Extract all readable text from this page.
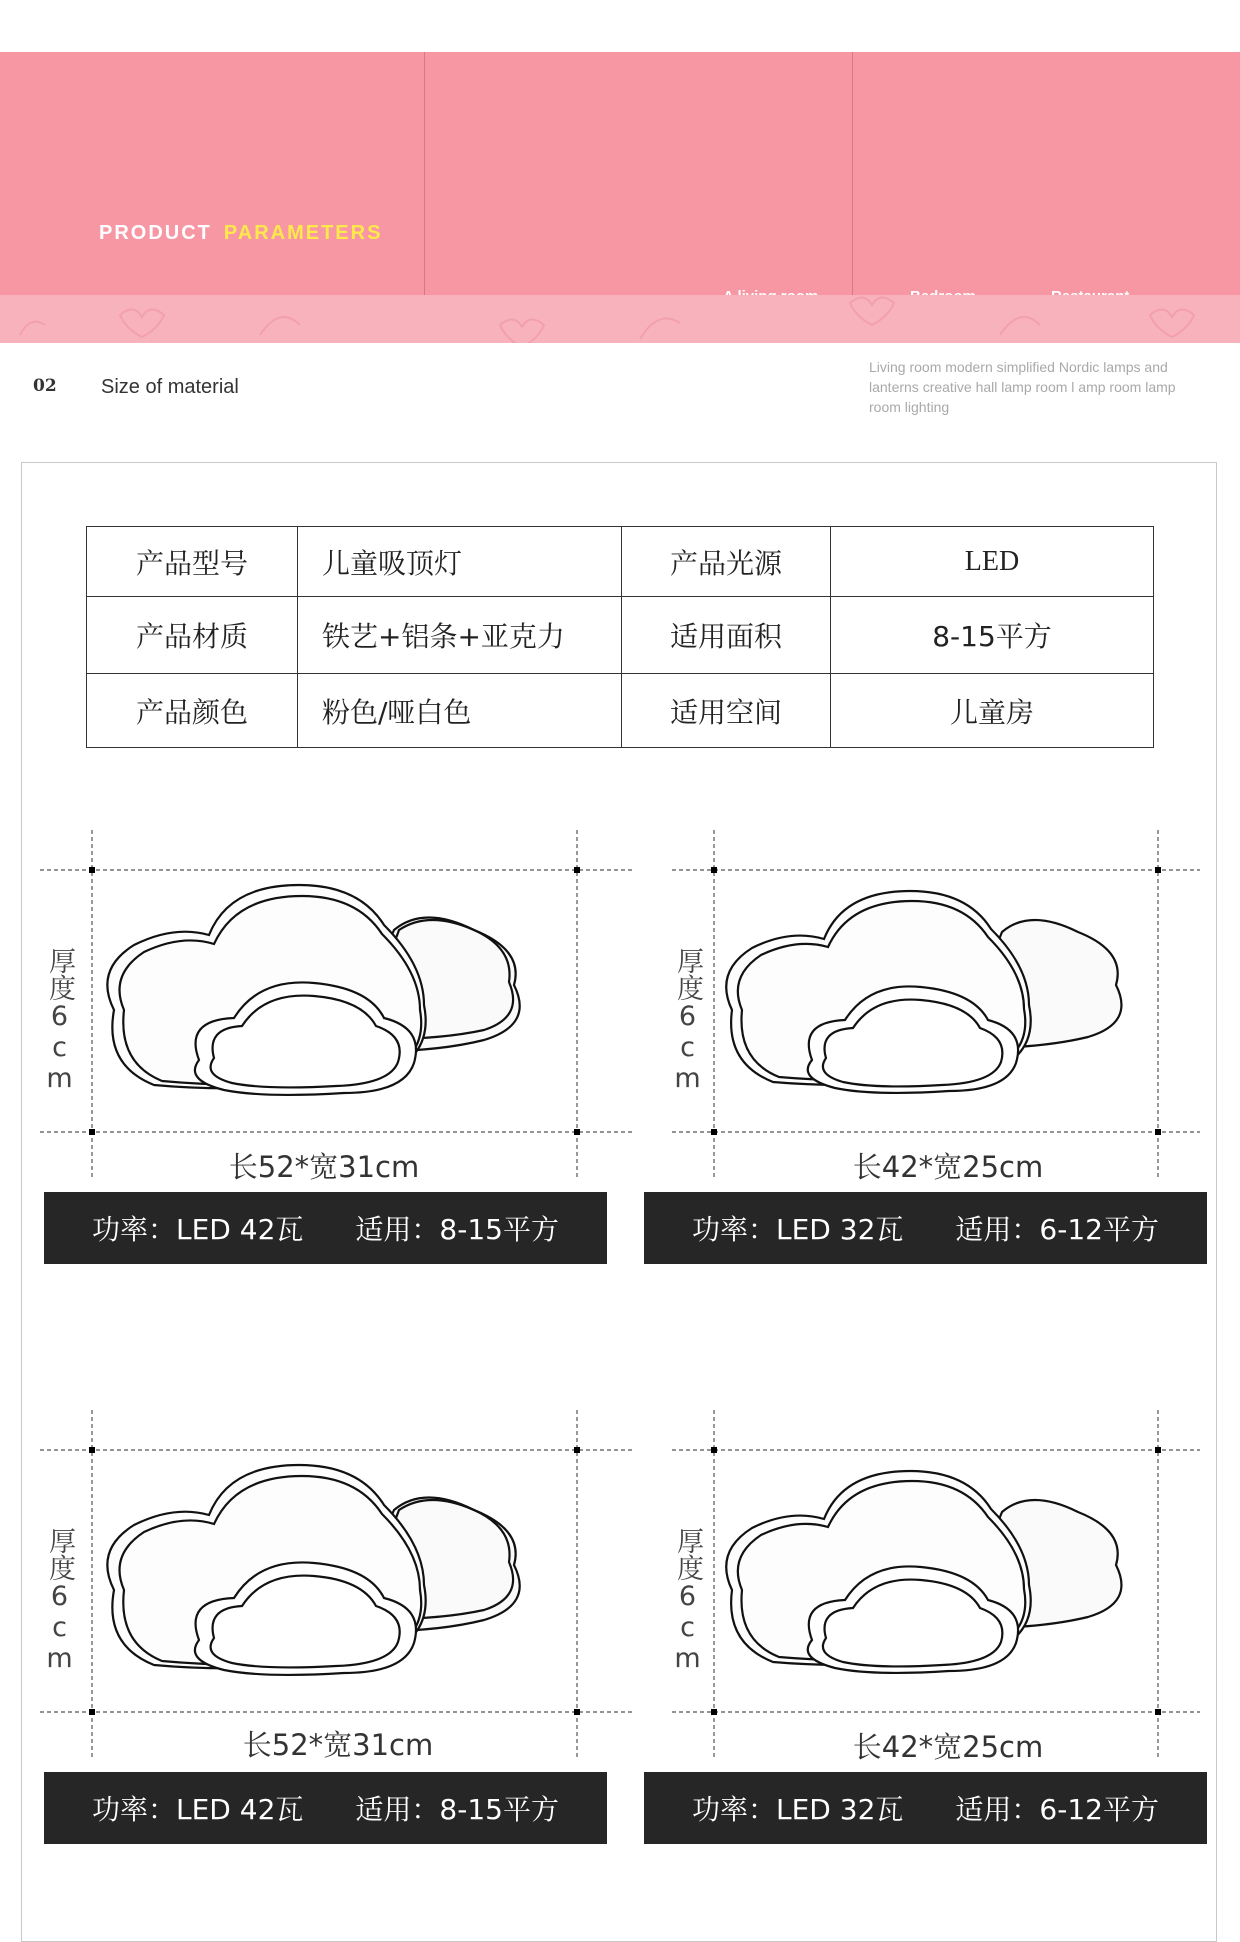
PRODUCT PARAMETERS
02 Size of material
Living room modern simplified Nordic lamps and lanterns creative hall lamp room l amp room lamp room lighting
产品型号	儿童吸顶灯	产品光源	LED
产品材质	铁艺+铝条+亚克力	适用面积	8-15平方
产品颜色	粉色/哑白色	适用空间	儿童房
厚度6cm
长52*宽31cm
功率：LED 42瓦 适用：8-15平方
厚度6cm
长42*宽25cm
功率：LED 32瓦 适用：6-12平方
厚度6cm
长52*宽31cm
功率：LED 42瓦 适用：8-15平方
厚度6cm
长42*宽25cm
功率：LED 32瓦 适用：6-12平方
